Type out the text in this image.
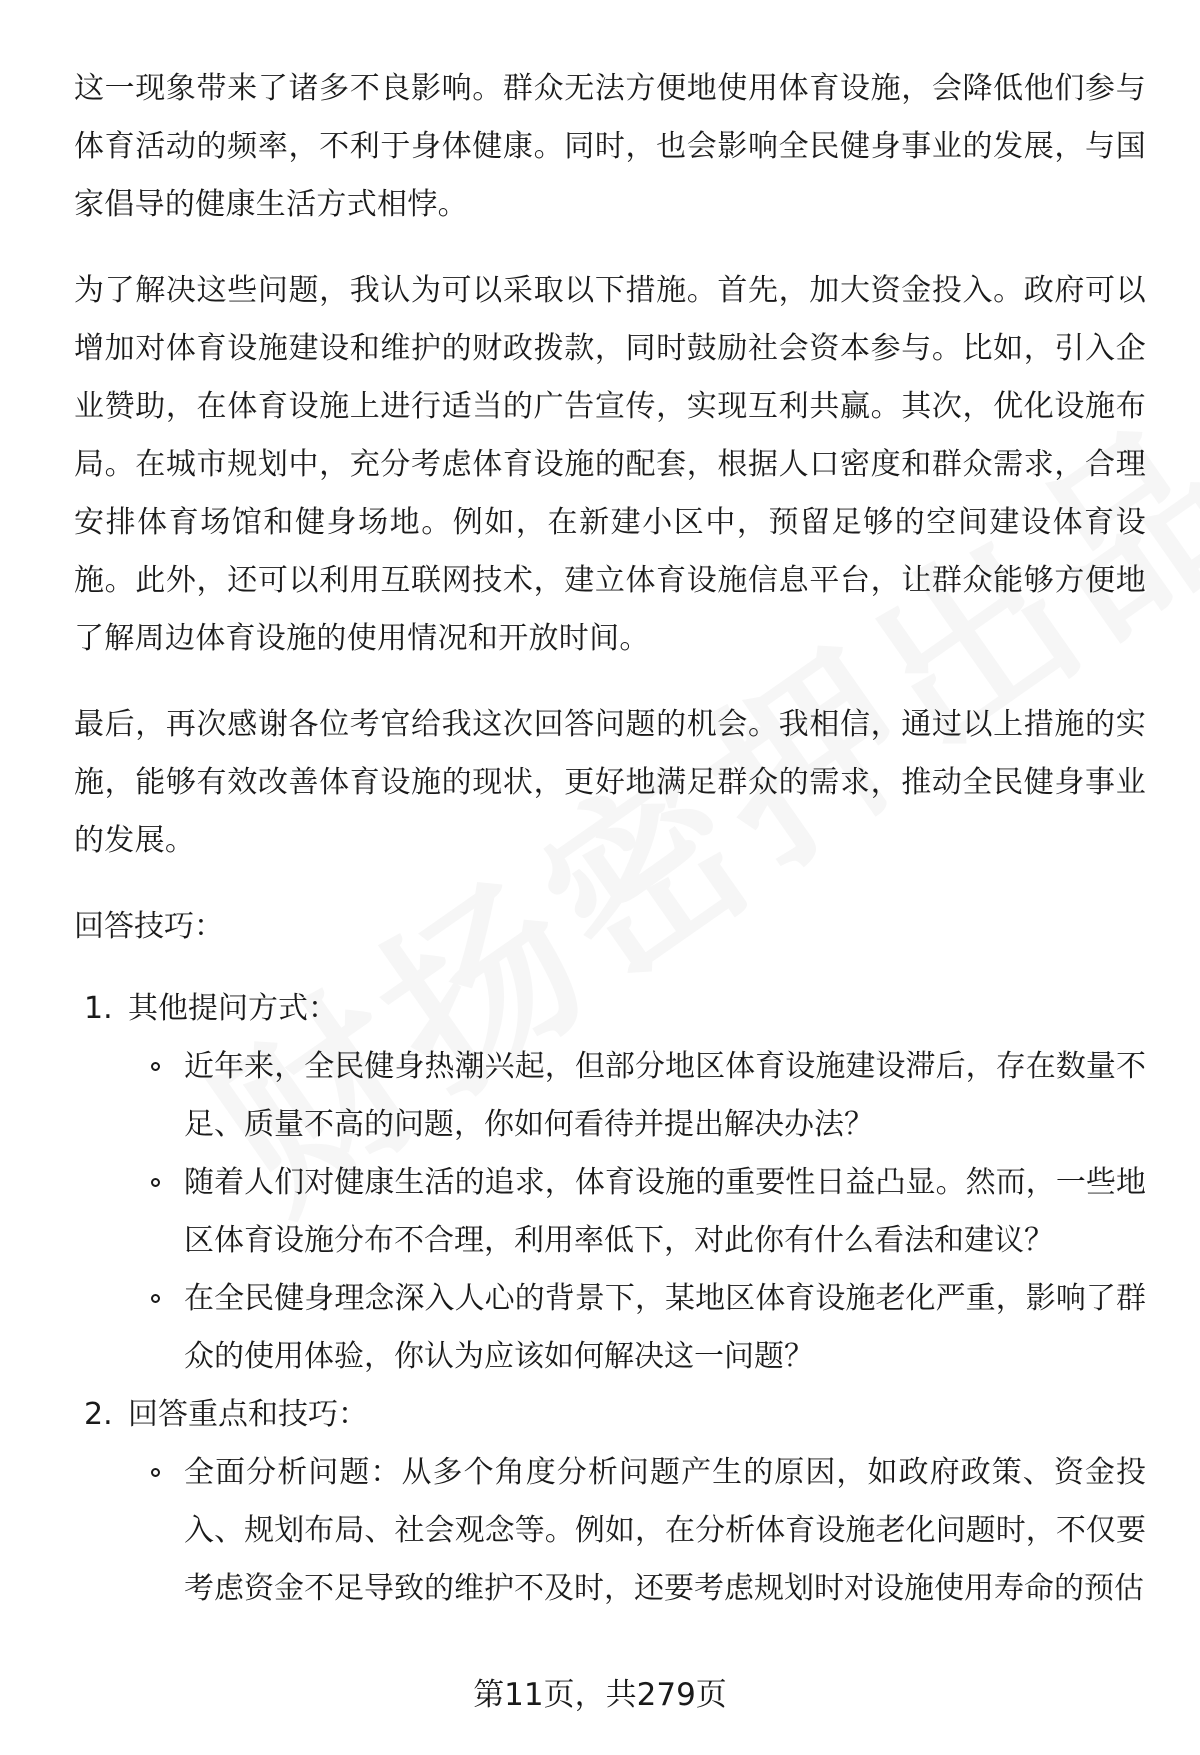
这一现象带来了诸多不良影响。群众无法方便地使用体育设施，会降低他们参与体育活动的频率，不利于身体健康。同时，也会影响全民健身事业的发展，与国家倡导的健康生活方式相悖。

为了解决这些问题，我认为可以采取以下措施。首先，加大资金投入。政府可以增加对体育设施建设和维护的财政拨款，同时鼓励社会资本参与。比如，引入企业赞助，在体育设施上进行适当的广告宣传，实现互利共赢。其次，优化设施布局。在城市规划中，充分考虑体育设施的配套，根据人口密度和群众需求，合理安排体育场馆和健身场地。例如，在新建小区中，预留足够的空间建设体育设施。此外，还可以利用互联网技术，建立体育设施信息平台，让群众能够方便地了解周边体育设施的使用情况和开放时间。

最后，再次感谢各位考官给我这次回答问题的机会。我相信，通过以上措施的实施，能够有效改善体育设施的现状，更好地满足群众的需求，推动全民健身事业的发展。

回答技巧：
1. 其他提问方式：
近年来，全民健身热潮兴起，但部分地区体育设施建设滞后，存在数量不足、质量不高的问题，你如何看待并提出解决办法？
随着人们对健康生活的追求，体育设施的重要性日益凸显。然而，一些地区体育设施分布不合理，利用率低下，对此你有什么看法和建议？
在全民健身理念深入人心的背景下，某地区体育设施老化严重，影响了群众的使用体验，你认为应该如何解决这一问题？
2. 回答重点和技巧：
全面分析问题：从多个角度分析问题产生的原因，如政府政策、资金投入、规划布局、社会观念等。例如，在分析体育设施老化问题时，不仅要考虑资金不足导致的维护不及时，还要考虑规划时对设施使用寿命的预估
第11页，共279页
